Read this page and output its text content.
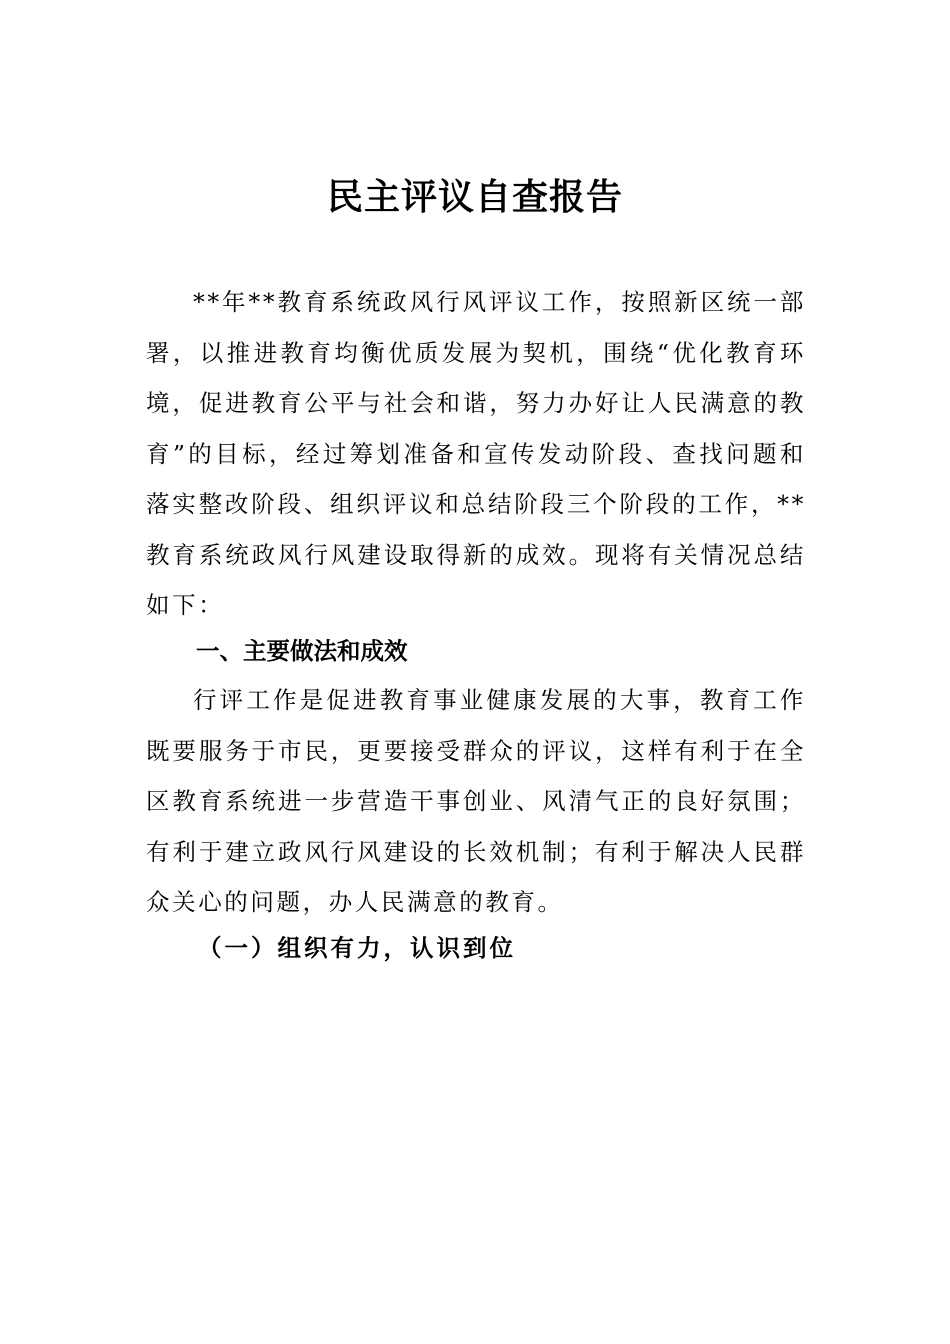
民主评议自查报告

**年**教育系统政风行风评议工作，按照新区统一部署，以推进教育均衡优质发展为契机，围绕“优化教育环境，促进教育公平与社会和谐，努力办好让人民满意的教育”的目标，经过筹划准备和宣传发动阶段、查找问题和落实整改阶段、组织评议和总结阶段三个阶段的工作，**教育系统政风行风建设取得新的成效。现将有关情况总结如下：

一、主要做法和成效

行评工作是促进教育事业健康发展的大事，教育工作既要服务于市民，更要接受群众的评议，这样有利于在全区教育系统进一步营造干事创业、风清气正的良好氛围；有利于建立政风行风建设的长效机制；有利于解决人民群众关心的问题，办人民满意的教育。

（一）组织有力，认识到位
